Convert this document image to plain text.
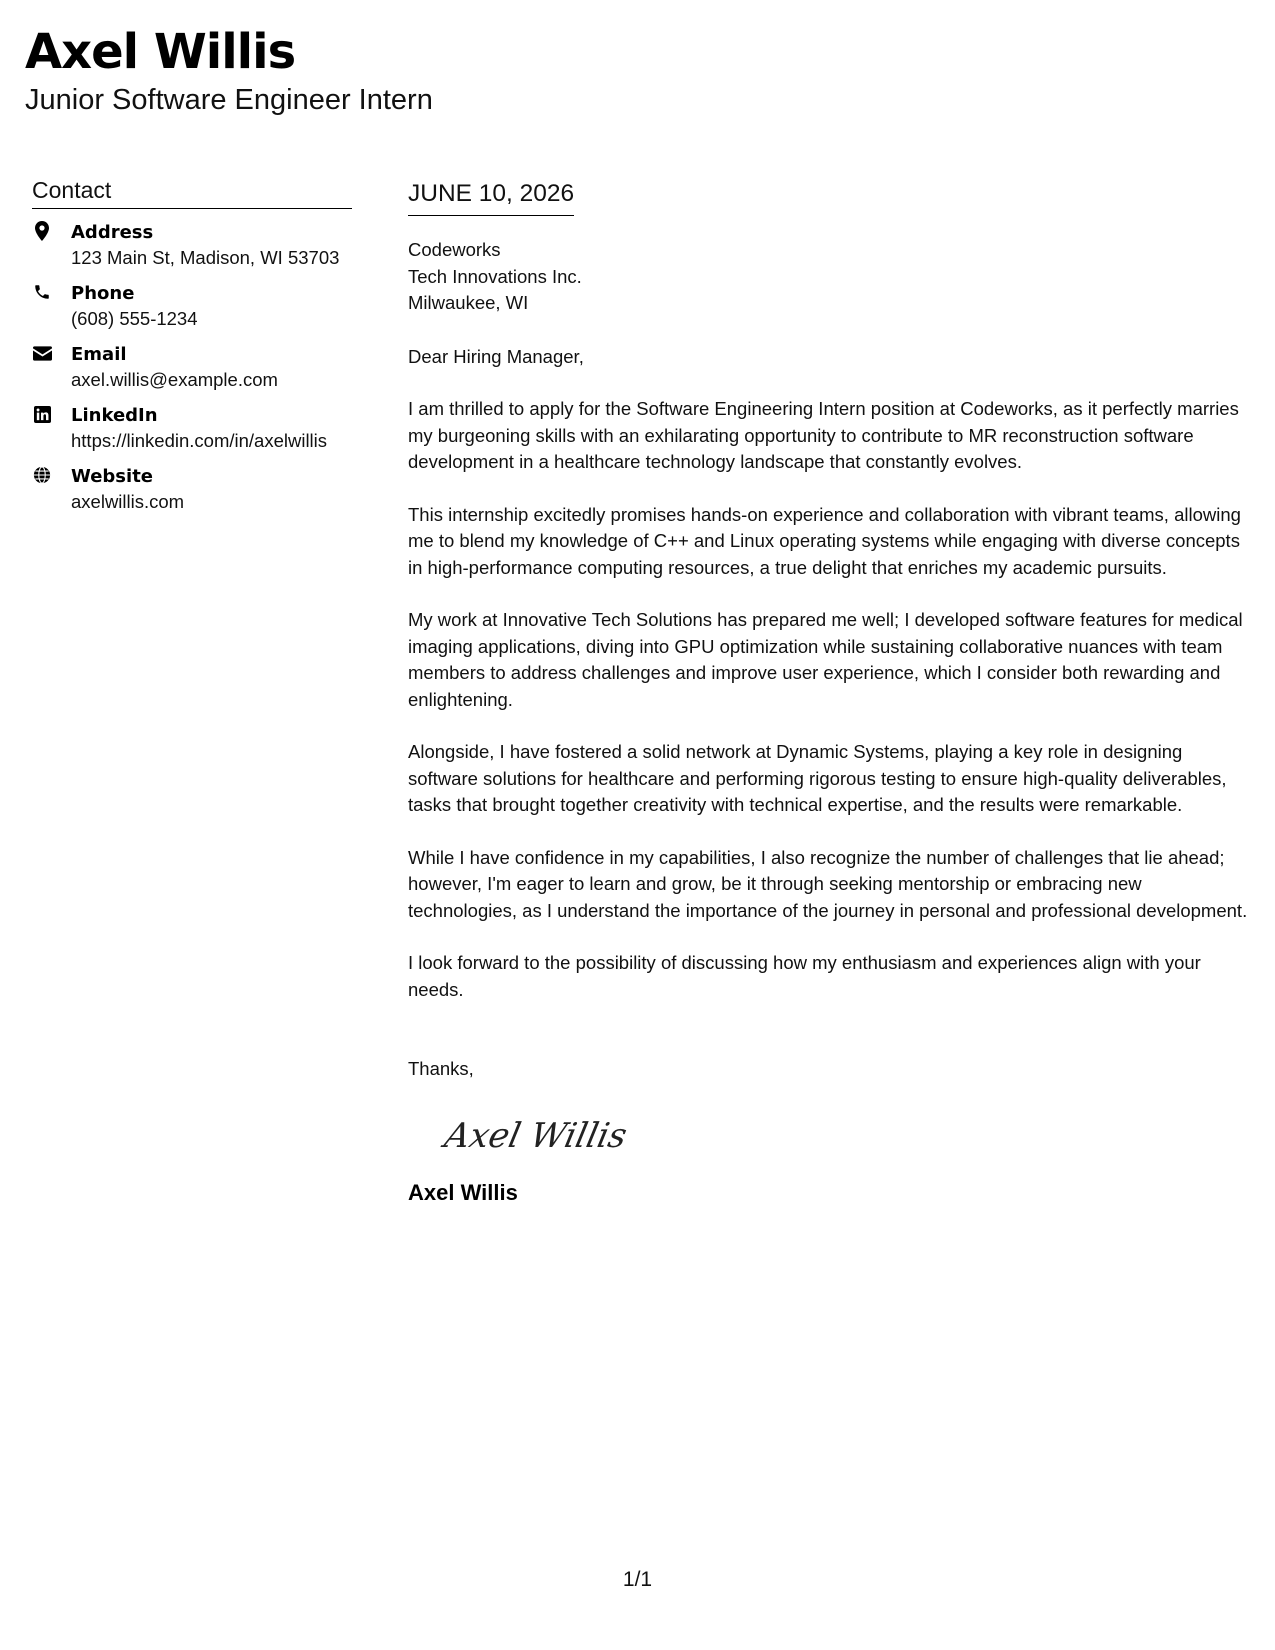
Axel Willis
Junior Software Engineer Intern
Contact
Address
123 Main St, Madison, WI 53703
Phone
(608) 555-1234
Email
axel.willis@example.com
LinkedIn
https://linkedin.com/in/axelwillis
Website
axelwillis.com
JUNE 10, 2026
Codeworks
Tech Innovations Inc.
Milwaukee, WI
Dear Hiring Manager,

I am thrilled to apply for the Software Engineering Intern position at Codeworks, as it perfectly marries my burgeoning skills with an exhilarating opportunity to contribute to MR reconstruction software development in a healthcare technology landscape that constantly evolves.

This internship excitedly promises hands-on experience and collaboration with vibrant teams, allowing me to blend my knowledge of C++ and Linux operating systems while engaging with diverse concepts in high-performance computing resources, a true delight that enriches my academic pursuits.

My work at Innovative Tech Solutions has prepared me well; I developed software features for medical imaging applications, diving into GPU optimization while sustaining collaborative nuances with team members to address challenges and improve user experience, which I consider both rewarding and enlightening.

Alongside, I have fostered a solid network at Dynamic Systems, playing a key role in designing software solutions for healthcare and performing rigorous testing to ensure high-quality deliverables, tasks that brought together creativity with technical expertise, and the results were remarkable.

While I have confidence in my capabilities, I also recognize the number of challenges that lie ahead; however, I'm eager to learn and grow, be it through seeking mentorship or embracing new technologies, as I understand the importance of the journey in personal and professional development.

I look forward to the possibility of discussing how my enthusiasm and experiences align with your needs.

Thanks,
Axel Willis
Axel Willis
1/1
